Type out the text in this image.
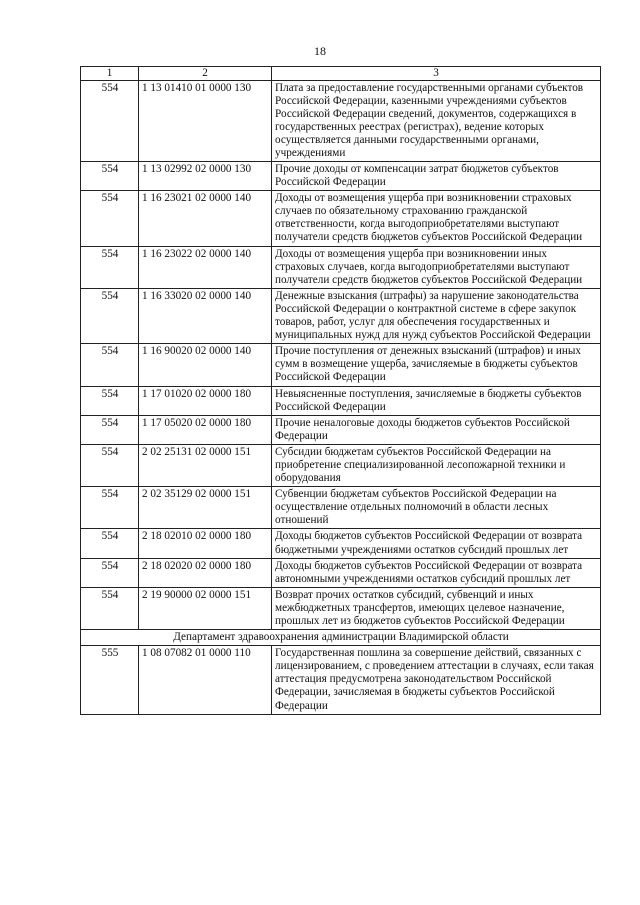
18
1	2	3
554	1 13 01410 01 0000 130	Плата за предоставление государственными органами субъектов Российской Федерации, казенными учреждениями субъектов Российской Федерации сведений, документов, содержащихся в государственных реестрах (регистрах), ведение которых осуществляется данными государственными органами, учреждениями

554	1 13 02992 02 0000 130	Прочие доходы от компенсации затрат бюджетов субъектов Российской Федерации
554	1 16 23021 02 0000 140	Доходы от возмещения ущерба при возникновении страховых случаев по обязательному страхованию гражданской ответственности, когда выгодоприобретателями выступают получатели средств бюджетов субъектов Российской Федерации
554	1 16 23022 02 0000 140	Доходы от возмещения ущерба при возникновении иных страховых случаев, когда выгодоприобретателями выступают получатели средств бюджетов субъектов Российской Федерации
554	1 16 33020 02 0000 140	Денежные взыскания (штрафы) за нарушение законодательства Российской Федерации о контрактной системе в сфере закупок товаров, работ, услуг для обеспечения государственных и муниципальных нужд для нужд субъектов Российской Федерации
554	1 16 90020 02 0000 140	Прочие поступления от денежных взысканий (штрафов) и иных сумм в возмещение ущерба, зачисляемые в бюджеты субъектов Российской Федерации
554	1 17 01020 02 0000 180	Невыясненные поступления, зачисляемые в бюджеты субъектов Российской Федерации
554	1 17 05020 02 0000 180	Прочие неналоговые доходы бюджетов субъектов Российской Федерации
554	2 02 25131 02 0000 151	Субсидии бюджетам субъектов Российской Федерации на приобретение специализированной лесопожарной техники и оборудования
554	2 02 35129 02 0000 151	Субвенции бюджетам субъектов Российской Федерации на осуществление отдельных полномочий в области лесных отношений
554	2 18 02010 02 0000 180	Доходы бюджетов субъектов Российской Федерации от возврата бюджетными учреждениями остатков субсидий прошлых лет
554	2 18 02020 02 0000 180	Доходы бюджетов субъектов Российской Федерации от возврата автономными учреждениями остатков субсидий прошлых лет
554	2 19 90000 02 0000 151	Возврат прочих остатков субсидий, субвенций и иных межбюджетных трансфертов, имеющих целевое назначение, прошлых лет из бюджетов субъектов Российской Федерации
Департамент здравоохранения администрации Владимирской области		
555	1 08 07082 01 0000 110	Государственная пошлина за совершение действий, связанных с лицензированием, с проведением аттестации в случаях, если такая аттестация предусмотрена законодательством Российской Федерации, зачисляемая в бюджеты субъектов Российской Федерации
